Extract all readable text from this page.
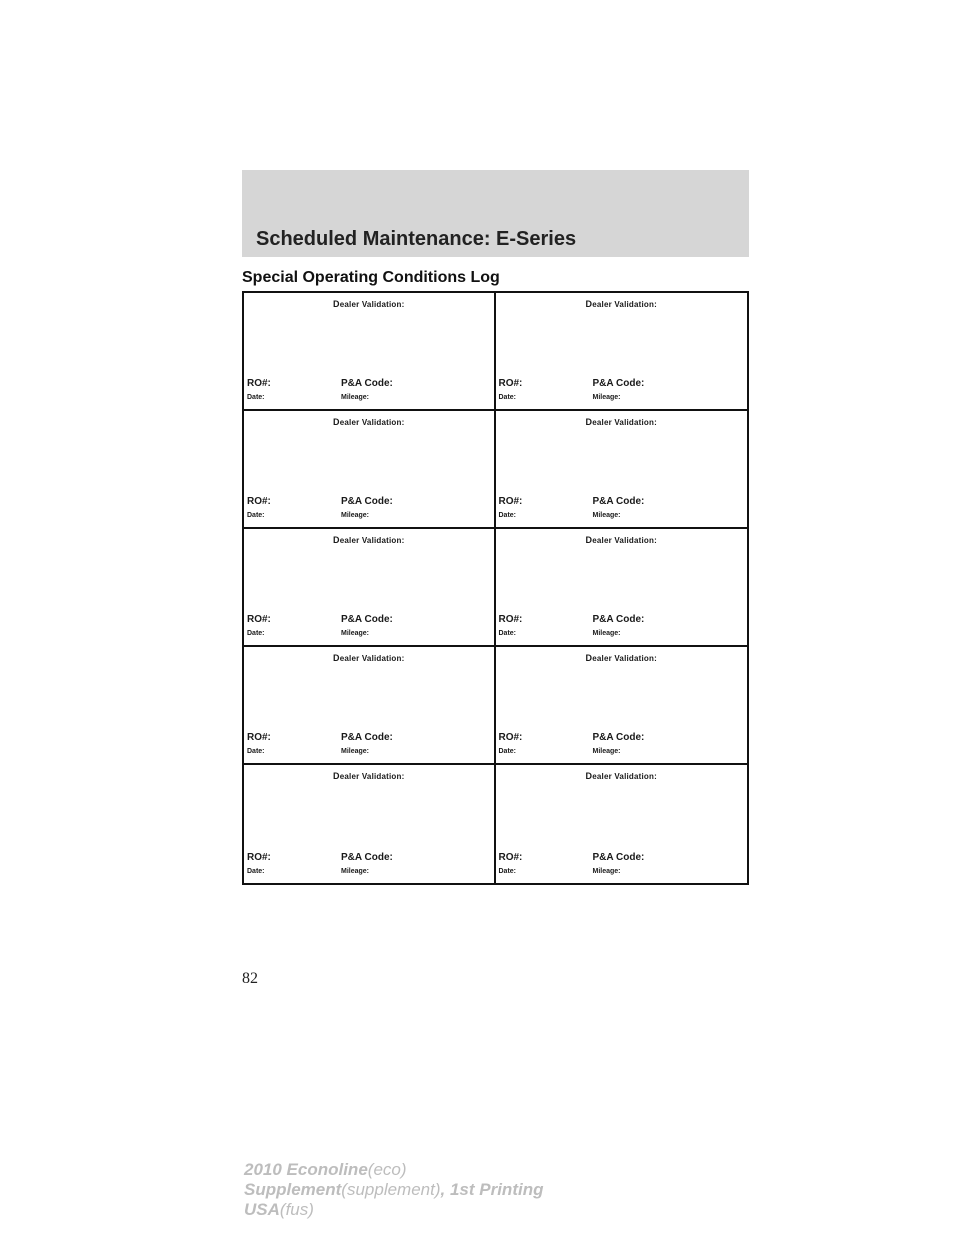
Scheduled Maintenance: E-Series
Special Operating Conditions Log
Dealer Validation:
RO#:	P&A Code:
Date:	Mileage:
Dealer Validation:
RO#:	P&A Code:
Date:	Mileage:
Dealer Validation:
RO#:	P&A Code:
Date:	Mileage:
Dealer Validation:
RO#:	P&A Code:
Date:	Mileage:
Dealer Validation:
RO#:	P&A Code:
Date:	Mileage:
Dealer Validation:
RO#:	P&A Code:
Date:	Mileage:
Dealer Validation:
RO#:	P&A Code:
Date:	Mileage:
Dealer Validation:
RO#:	P&A Code:
Date:	Mileage:
Dealer Validation:
RO#:	P&A Code:
Date:	Mileage:
Dealer Validation:
RO#:	P&A Code:
Date:	Mileage:
82
2010 Econoline(eco)
Supplement(supplement), 1st Printing
USA(fus)
